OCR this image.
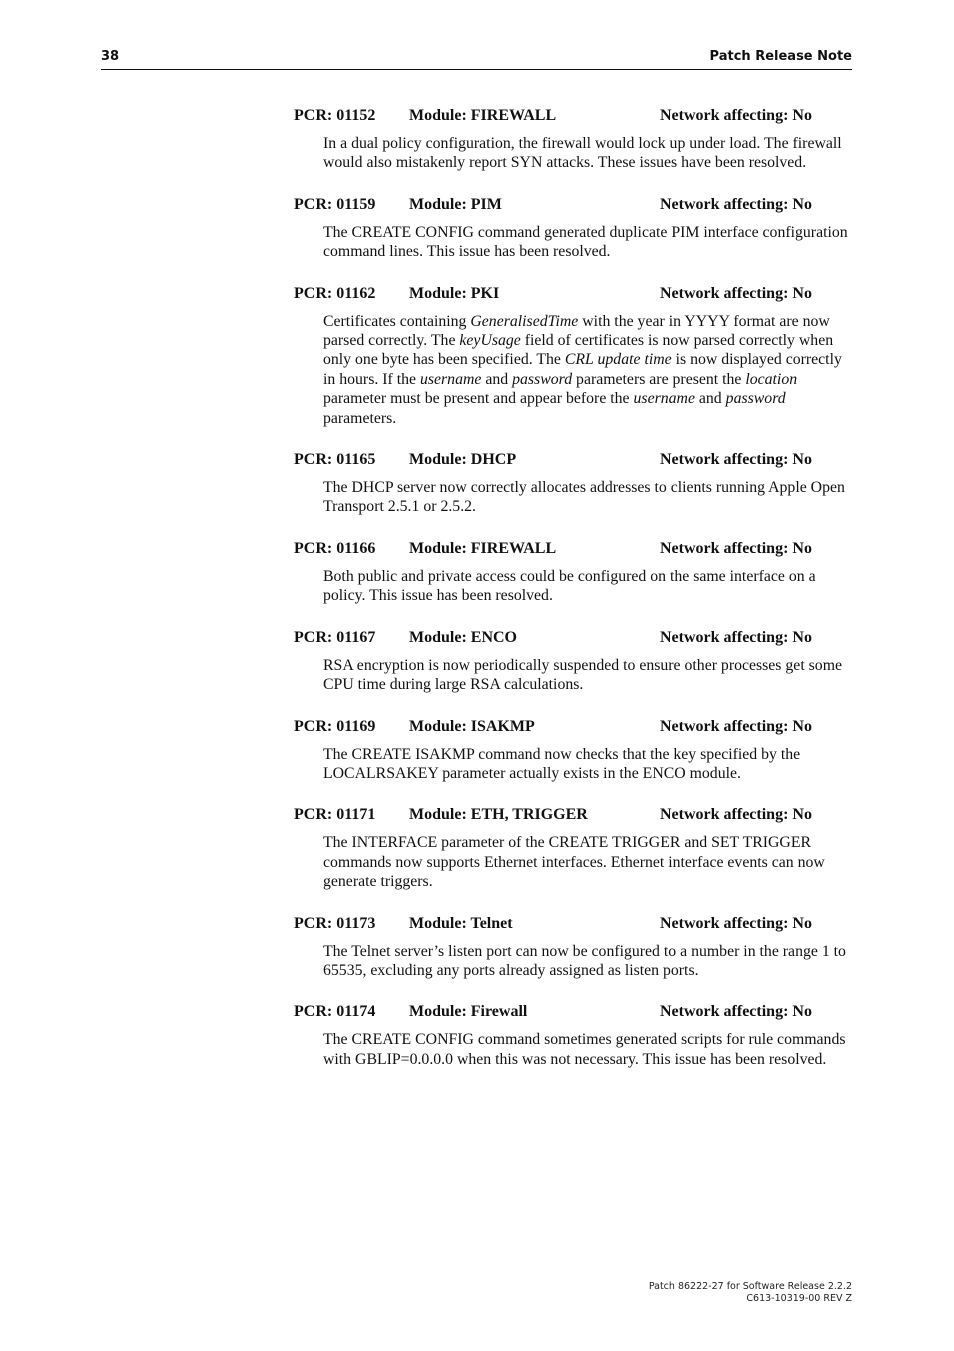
38	Patch Release Note
PCR: 01152 Module: FIREWALL	Network affecting: No
In a dual policy configuration, the firewall would lock up under load. The firewall would also mistakenly report SYN attacks. These issues have been resolved.
PCR: 01159 Module: PIM	Network affecting: No
The CREATE CONFIG command generated duplicate PIM interface configuration command lines. This issue has been resolved.
PCR: 01162 Module: PKI	Network affecting: No
Certificates containing GeneralisedTime with the year in YYYY format are now parsed correctly. The keyUsage field of certificates is now parsed correctly when only one byte has been specified. The CRL update time is now displayed correctly in hours. If the username and password parameters are present the location parameter must be present and appear before the username and password parameters.
PCR: 01165 Module: DHCP	Network affecting: No
The DHCP server now correctly allocates addresses to clients running Apple Open Transport 2.5.1 or 2.5.2.
PCR: 01166 Module: FIREWALL	Network affecting: No
Both public and private access could be configured on the same interface on a policy. This issue has been resolved.
PCR: 01167 Module: ENCO	Network affecting: No
RSA encryption is now periodically suspended to ensure other processes get some CPU time during large RSA calculations.
PCR: 01169 Module: ISAKMP	Network affecting: No
The CREATE ISAKMP command now checks that the key specified by the LOCALRSAKEY parameter actually exists in the ENCO module.
PCR: 01171 Module: ETH, TRIGGER	Network affecting: No
The INTERFACE parameter of the CREATE TRIGGER and SET TRIGGER commands now supports Ethernet interfaces. Ethernet interface events can now generate triggers.
PCR: 01173 Module: Telnet	Network affecting: No
The Telnet server’s listen port can now be configured to a number in the range 1 to 65535, excluding any ports already assigned as listen ports.
PCR: 01174 Module: Firewall	Network affecting: No
The CREATE CONFIG command sometimes generated scripts for rule commands with GBLIP=0.0.0.0 when this was not necessary. This issue has been resolved.
Patch 86222-27 for Software Release 2.2.2
C613-10319-00 REV Z
